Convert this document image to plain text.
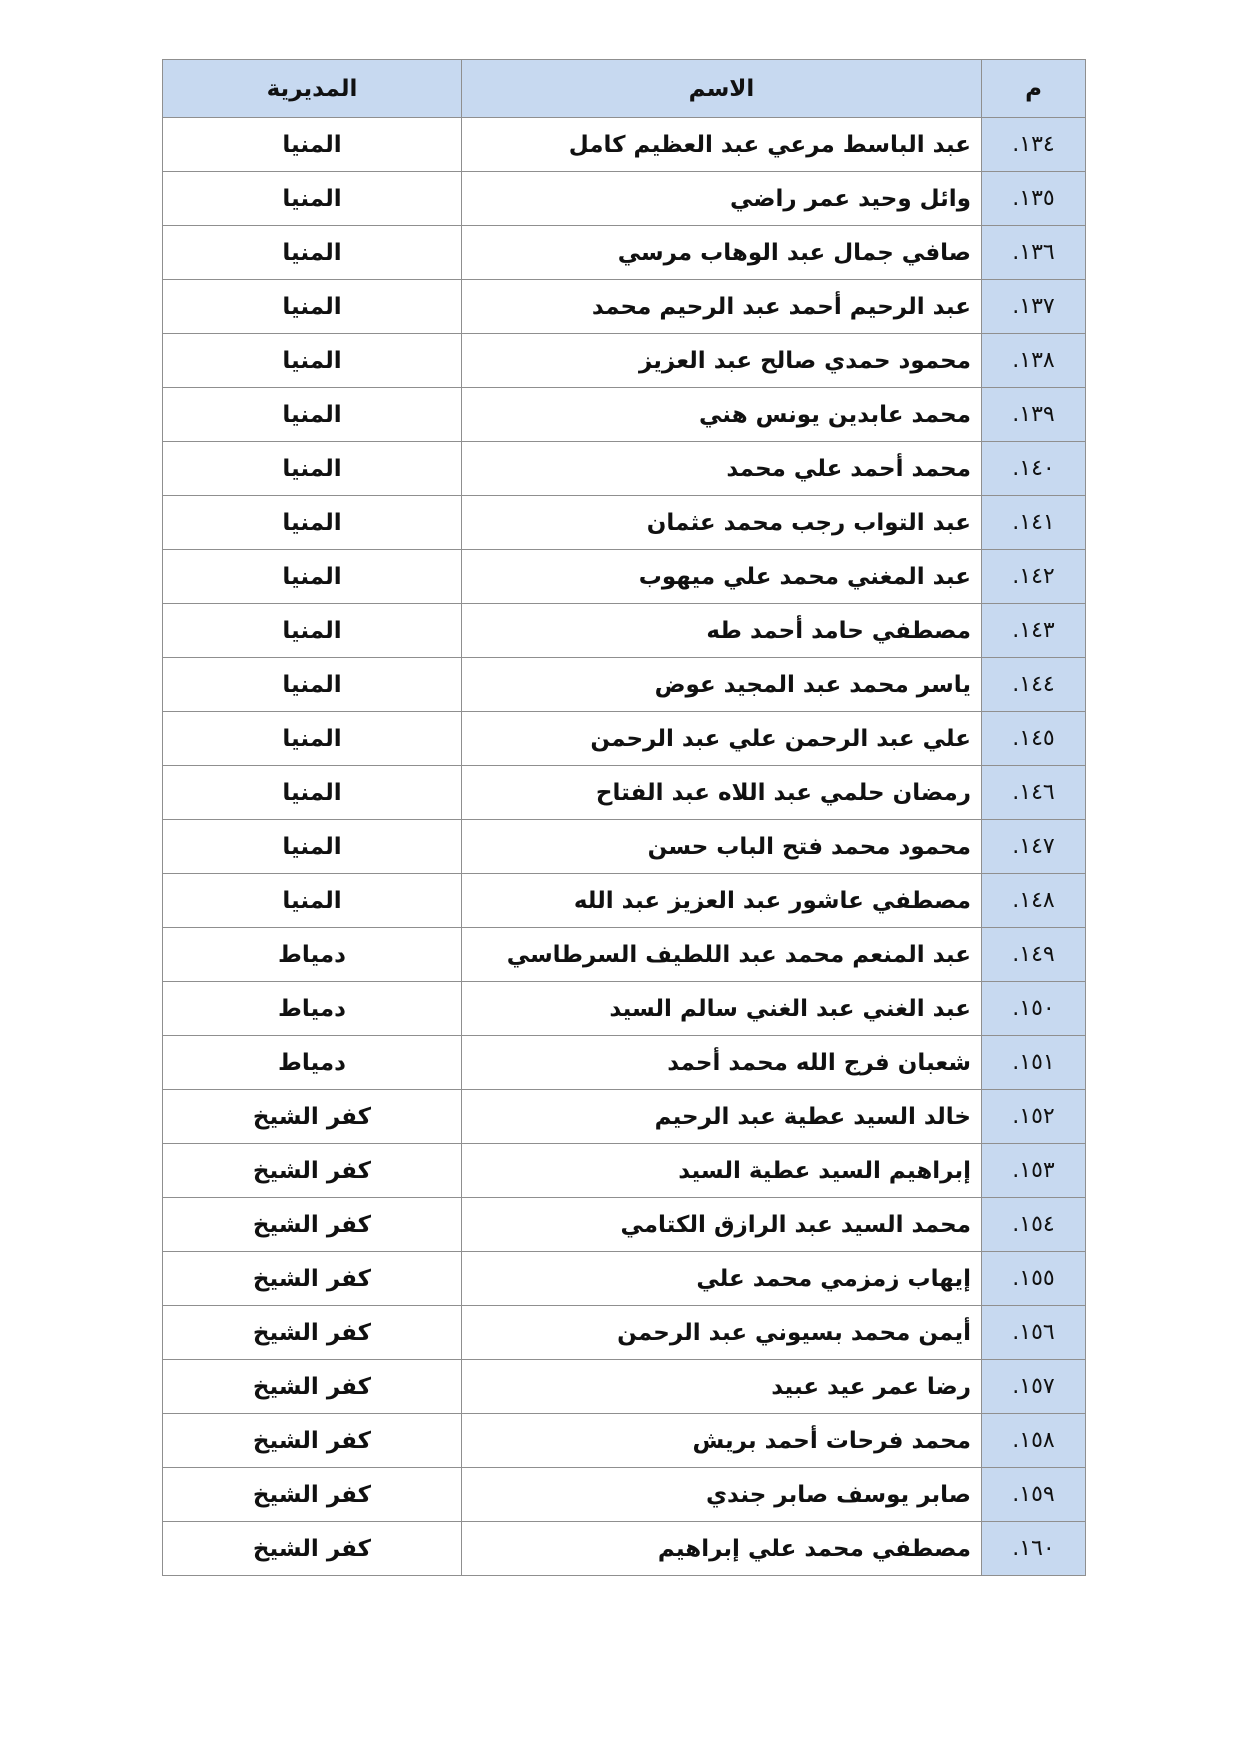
م	الاسم	المديرية
١٣٤.	عبد الباسط مرعي عبد العظيم كامل	المنيا
١٣٥.	وائل وحيد عمر راضي	المنيا
١٣٦.	صافي جمال عبد الوهاب مرسي	المنيا
١٣٧.	عبد الرحيم أحمد عبد الرحيم محمد	المنيا
١٣٨.	محمود حمدي صالح عبد العزيز	المنيا
١٣٩.	محمد عابدين يونس هني	المنيا
١٤٠.	محمد أحمد علي محمد	المنيا
١٤١.	عبد التواب رجب محمد عثمان	المنيا
١٤٢.	عبد المغني محمد علي ميهوب	المنيا
١٤٣.	مصطفي حامد أحمد طه	المنيا
١٤٤.	ياسر محمد عبد المجيد عوض	المنيا
١٤٥.	علي عبد الرحمن علي عبد الرحمن	المنيا
١٤٦.	رمضان حلمي عبد اللاه عبد الفتاح	المنيا
١٤٧.	محمود محمد فتح الباب حسن	المنيا
١٤٨.	مصطفي عاشور عبد العزيز عبد الله	المنيا
١٤٩.	عبد المنعم محمد عبد اللطيف السرطاسي	دمياط
١٥٠.	عبد الغني عبد الغني سالم السيد	دمياط
١٥١.	شعبان فرج الله محمد أحمد	دمياط
١٥٢.	خالد السيد عطية عبد الرحيم	كفر الشيخ
١٥٣.	إبراهيم السيد عطية السيد	كفر الشيخ
١٥٤.	محمد السيد عبد الرازق الكتامي	كفر الشيخ
١٥٥.	إيهاب زمزمي محمد علي	كفر الشيخ
١٥٦.	أيمن محمد بسيوني عبد الرحمن	كفر الشيخ
١٥٧.	رضا عمر عيد عبيد	كفر الشيخ
١٥٨.	محمد فرحات أحمد بريش	كفر الشيخ
١٥٩.	صابر يوسف صابر جندي	كفر الشيخ
١٦٠.	مصطفي محمد علي إبراهيم	كفر الشيخ
